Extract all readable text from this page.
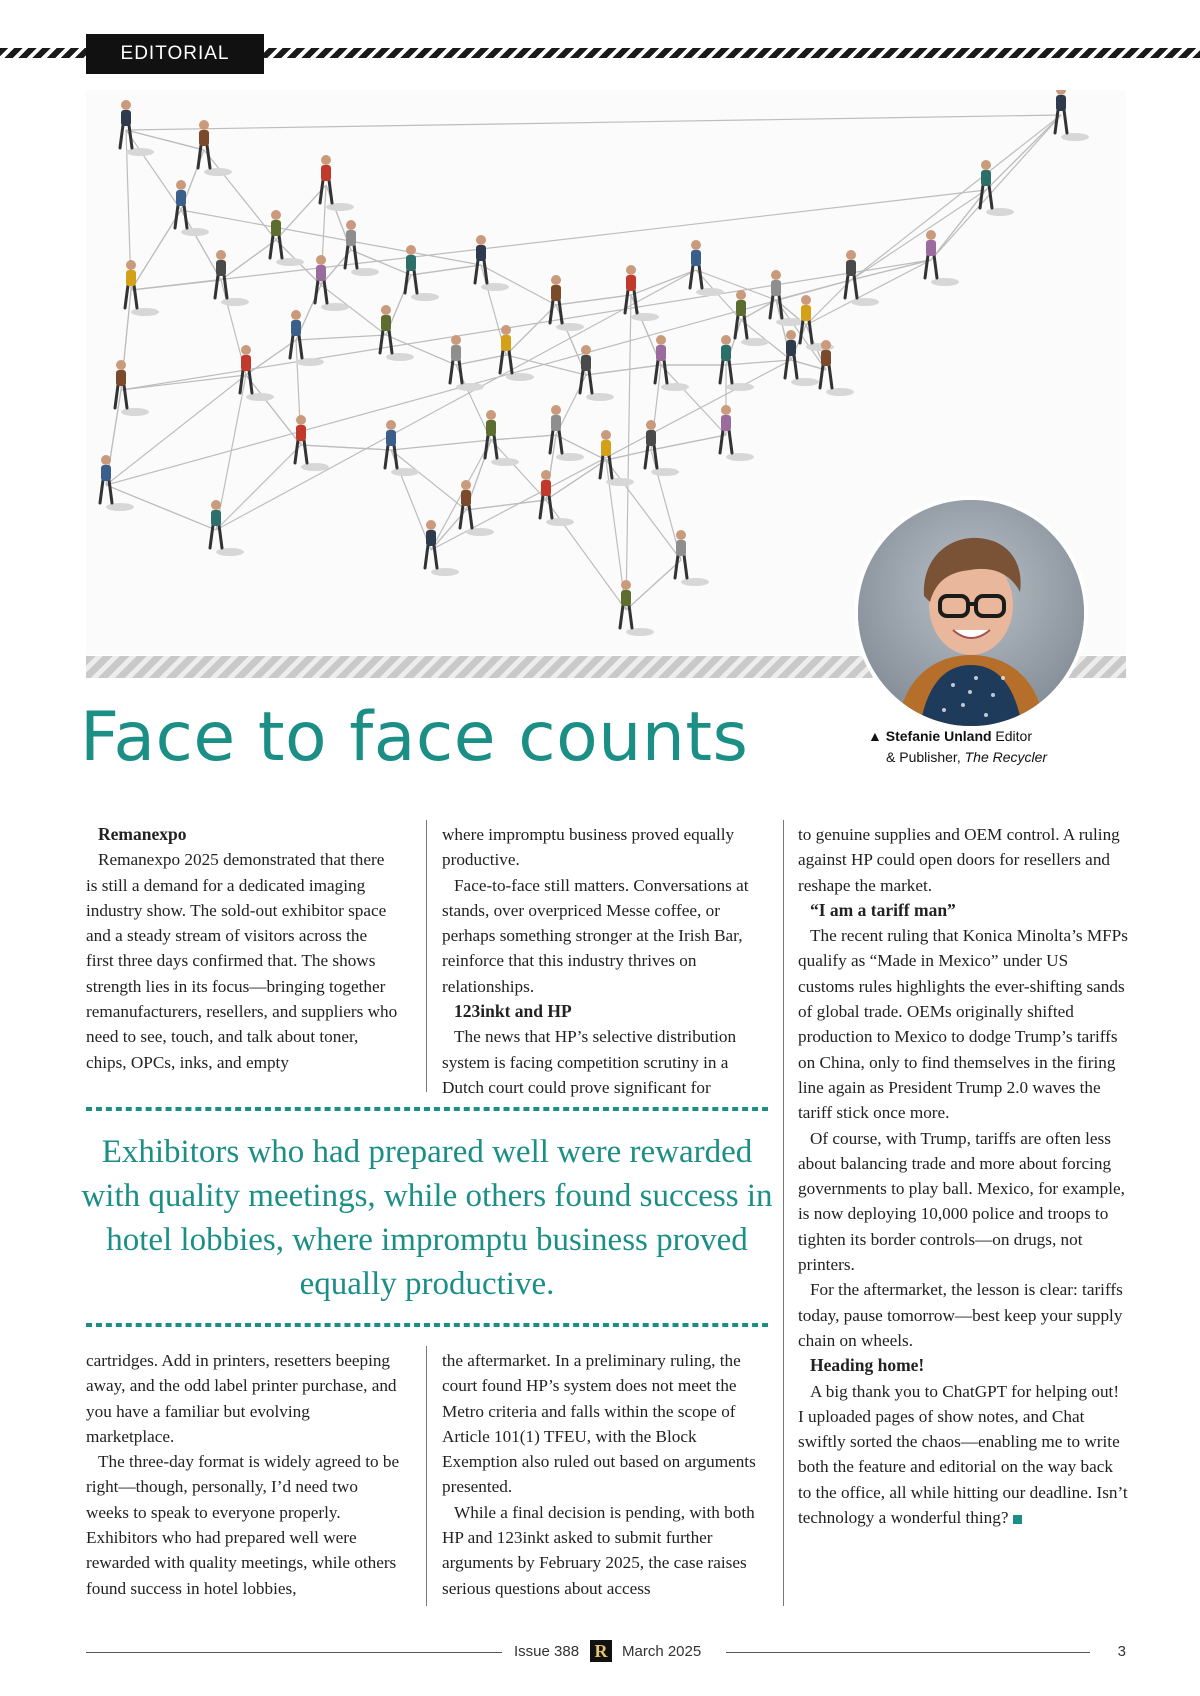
EDITORIAL
Face to face counts	▲ Stefanie Unland Editor
& Publisher, The Recycler
Remanexpo

Remanexpo 2025 demonstrated that there is still a demand for a dedicated imaging industry show. The sold-out exhibitor space and a steady stream of visitors across the first three days confirmed that. The shows strength lies in its focus—bringing together remanufacturers, resellers, and suppliers who need to see, touch, and talk about toner, chips, OPCs, inks, and empty

where impromptu business proved equally productive.

Face-to-face still matters. Conversations at stands, over overpriced Messe coffee, or perhaps something stronger at the Irish Bar, reinforce that this industry thrives on relationships.

123inkt and HP

The news that HP’s selective distribution system is facing competition scrutiny in a Dutch court could prove significant for

Exhibitors who had prepared well were rewarded with quality meetings, while others found success in hotel lobbies, where impromptu business proved equally productive.

cartridges. Add in printers, resetters beeping away, and the odd label printer purchase, and you have a familiar but evolving marketplace.

The three-day format is widely agreed to be right—though, personally, I’d need two weeks to speak to everyone properly. Exhibitors who had prepared well were rewarded with quality meetings, while others found success in hotel lobbies,

the aftermarket. In a preliminary ruling, the court found HP’s system does not meet the Metro criteria and falls within the scope of Article 101(1) TFEU, with the Block Exemption also ruled out based on arguments presented.

While a final decision is pending, with both HP and 123inkt asked to submit further arguments by February 2025, the case raises serious questions about access

to genuine supplies and OEM control. A ruling against HP could open doors for resellers and reshape the market.

“I am a tariff man”

The recent ruling that Konica Minolta’s MFPs qualify as “Made in Mexico” under US customs rules highlights the ever-shifting sands of global trade. OEMs originally shifted production to Mexico to dodge Trump’s tariffs on China, only to find themselves in the firing line again as President Trump 2.0 waves the tariff stick once more.

Of course, with Trump, tariffs are often less about balancing trade and more about forcing governments to play ball. Mexico, for example, is now deploying 10,000 police and troops to tighten its border controls—on drugs, not printers.

For the aftermarket, the lesson is clear: tariffs today, pause tomorrow—best keep your supply chain on wheels.

Heading home!

A big thank you to ChatGPT for helping out! I uploaded pages of show notes, and Chat swiftly sorted the chaos—enabling me to write both the feature and editorial on the way back to the office, all while hitting our deadline. Isn’t technology a wonderful thing?

Issue 388 R March 2025	3
